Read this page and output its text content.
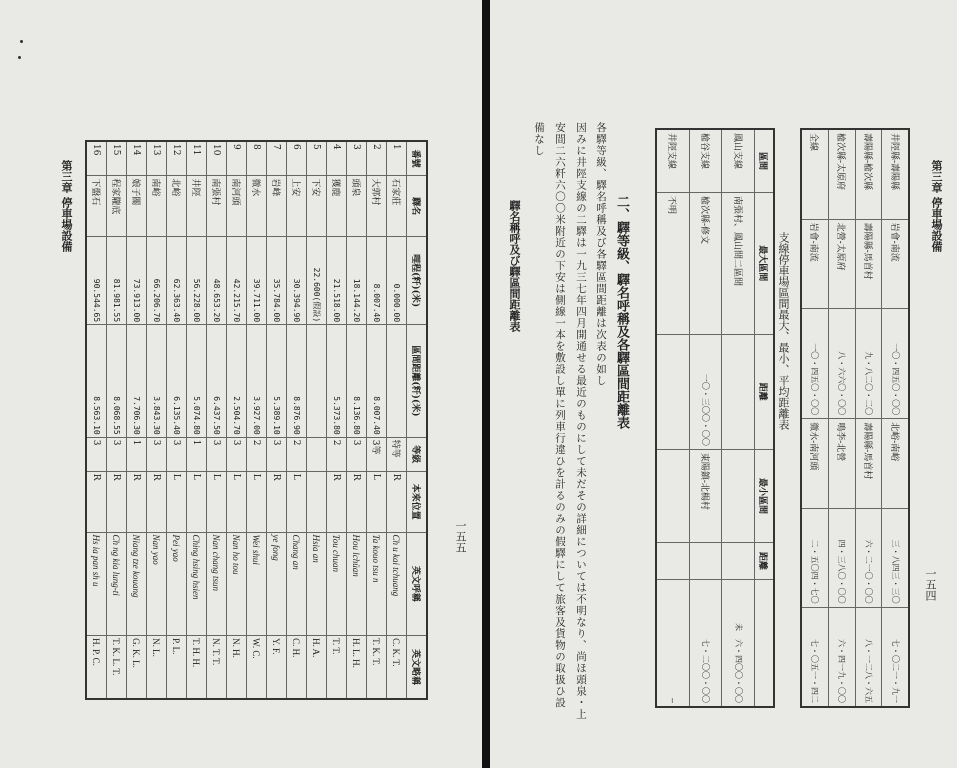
第三章 停車場設備
一五五
番號	驛名	哩程(粁)(米)	區間距離(粁)(米)	等級	本來位置	英文呼稱	英文略稱
1	石家莊	0.000.00		特等	R	Ch u kai tchuang	C. K. T.
2	大郭村	8.007.40	8.007.40	3等	L	Ta kouo tsu n	T. K. T.
3	頭泉	18.144.20	8.136.80	3	R	Hou lchüan	H. L. H.
4	獲鹿	21.518.00	5.373.80	2	R	Tou chuan	T. T.
5	下安	22.600(假設)				Hsia an	H. A.
6	上安	30.394.90	8.876.90	2	L	Chang an	C. H.
7	岩峰	35.784.00	5.389.10	3	R	ye fong	Y. F.
8	微水	39.711.00	3.927.00	2	L	Wei shui	W. C.
9	南河頭	42.215.70	2.504.70	3	L	Nan ho tou	N. H.
10	南張村	48.653.20	6.437.50	3	L	Nan chang tsun	N. T. T.
11	井陘	56.228.00	5.074.80	1	L	Ching hsing hsien	T. H. H.
12	北峪	62.363.40	6.135.40	3	L	Pei yao	P. L.
13	南峪	66.206.70	3.843.30	3	R	Nan yao	N. L.
14	娘子關	73.913.00	7.706.30	1	R	Niang tze kouang	G. K. L.
15	程家隴底	81.981.55	8.068.55	3	R	Ch ng kia lung-ti	T. K. L. T.
16	下盤石	90.544.65	8.563.10	3	R	Hs ia pan sh u	H. P. C.
第三章 停車場設備
一五四
支線停車場區間最大、最小、平均距離表
井陘縣-壽陽縣	岩會-南流	一〇・四五〇・〇〇	北峪-南峪	三・八四三・三〇	七・〇二一・九一
壽陽縣-楡次縣	壽陽縣-馬首村	九・八二〇・二〇	壽陽縣-馬首村	六・二一〇・〇〇	八・一二八・六五
楡次縣-太原府	北營-太原府	八・六六〇・〇〇	鳴李-北營	四・三八〇・〇〇	六・四一九・〇〇
全線	岩會-南流	一〇・四五〇・〇〇	微水-南河頭	二・五〇四・七〇	七・〇五一・四二
區間	最大區間	距離	最小區間	距離	
鳳山支線	南張村、鳳山間二區間				未　六・四〇〇・〇〇
楡谷支線	楡次縣-修文	一〇・三〇〇・〇〇	東陽鎮-北楊村		七・二〇〇・〇〇
井陘支線	不明				―
二、驛等級、驛名呼稱及各驛區間距離表
各驛等級、驛名呼稱及び各驛區間距離は次表の如し
因みに井陘支線の二驛は一九三七年四月開通せる最近のものにして未だその詳細については不明なり、尚ほ頭泉・上
安間二六粁六〇〇米附近の下安は側線一本を敷設し單に列車行違ひを計るのみの假驛にして旅客及貨物の取扱ひ設
備なし
驛名稱呼及び驛區間距離表
